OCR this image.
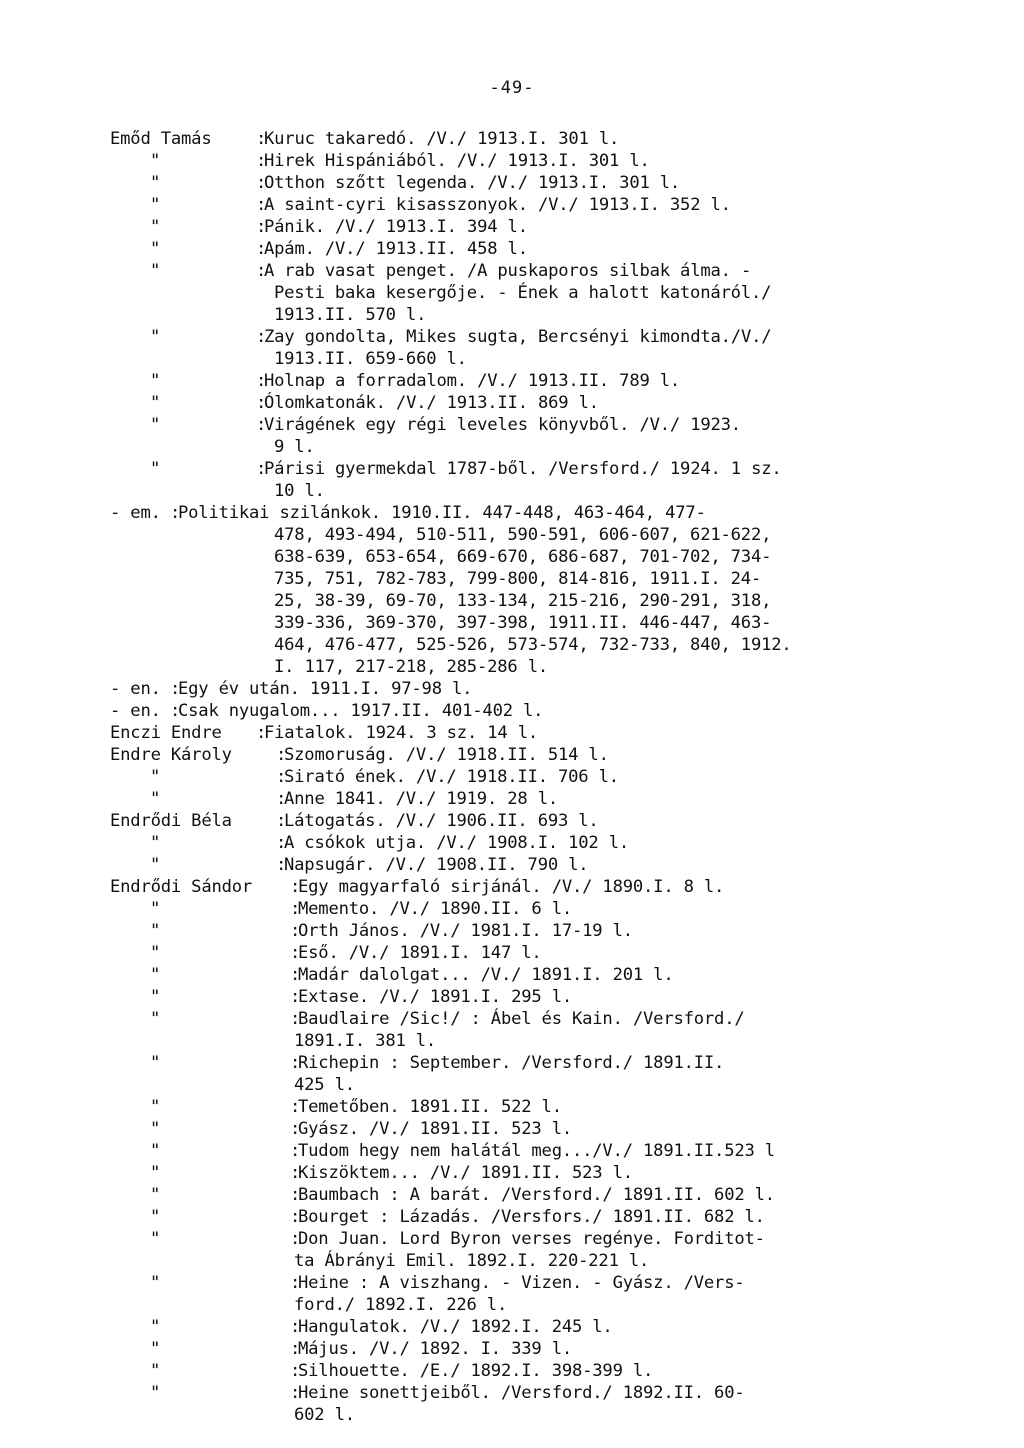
-49-
Emőd Tamás	:Kuruc takaredó. /V./ 1913.I. 301 l.
"	:Hirek Hispániából. /V./ 1913.I. 301 l.
"	:Otthon szőtt legenda. /V./ 1913.I. 301 l.
"	:A saint-cyri kisasszonyok. /V./ 1913.I. 352 l.
"	:Pánik. /V./ 1913.I. 394 l.
"	:Apám. /V./ 1913.II. 458 l.
"	:A rab vasat penget. /A puskaporos silbak álma. -
Pesti baka kesergője. - Ének a halott katonáról./
1913.II. 570 l.
"	:Zay gondolta, Mikes sugta, Bercsényi kimondta./V./
1913.II. 659-660 l.
"	:Holnap a forradalom. /V./ 1913.II. 789 l.
"	:Ólomkatonák. /V./ 1913.II. 869 l.
"	:Virágének egy régi leveles könyvből. /V./ 1923.
9 l.
"	:Párisi gyermekdal 1787-ből. /Versford./ 1924. 1 sz.
10 l.
- em. :Politikai szilánkok. 1910.II. 447-448, 463-464, 477-
478, 493-494, 510-511, 590-591, 606-607, 621-622,
638-639, 653-654, 669-670, 686-687, 701-702, 734-
735, 751, 782-783, 799-800, 814-816, 1911.I. 24-
25, 38-39, 69-70, 133-134, 215-216, 290-291, 318,
339-336, 369-370, 397-398, 1911.II. 446-447, 463-
464, 476-477, 525-526, 573-574, 732-733, 840, 1912.
I. 117, 217-218, 285-286 l.
- en. :Egy év után. 1911.I. 97-98 l.
- en. :Csak nyugalom... 1917.II. 401-402 l.
Enczi Endre :Fiatalok. 1924. 3 sz. 14 l.
Endre Károly	:Szomoruság. /V./ 1918.II. 514 l.
"	:Sirató ének. /V./ 1918.II. 706 l.
"	:Anne 1841. /V./ 1919. 28 l.
Endrődi Béla	:Látogatás. /V./ 1906.II. 693 l.
"	:A csókok utja. /V./ 1908.I. 102 l.
"	:Napsugár. /V./ 1908.II. 790 l.
Endrődi Sándor :Egy magyarfaló sirjánál. /V./ 1890.I. 8 l.
"	:Memento. /V./ 1890.II. 6 l.
"	:Orth János. /V./ 1981.I. 17-19 l.
"	:Eső. /V./ 1891.I. 147 l.
"	:Madár dalolgat... /V./ 1891.I. 201 l.
"	:Extase. /V./ 1891.I. 295 l.
"	:Baudlaire /Sic!/ : Ábel és Kain. /Versford./
1891.I. 381 l.
"	:Richepin : September. /Versford./ 1891.II.
425 l.
"	:Temetőben. 1891.II. 522 l.
"	:Gyász. /V./ 1891.II. 523 l.
"	:Tudom hegy nem halátál meg.../V./ 1891.II.523 l
"	:Kiszöktem... /V./ 1891.II. 523 l.
"	:Baumbach : A barát. /Versford./ 1891.II. 602 l.
"	:Bourget : Lázadás. /Versfors./ 1891.II. 682 l.
"	:Don Juan. Lord Byron verses regénye. Forditot-
ta Ábrányi Emil. 1892.I. 220-221 l.
"	:Heine : A viszhang. - Vizen. - Gyász. /Vers-
ford./ 1892.I. 226 l.
"	:Hangulatok. /V./ 1892.I. 245 l.
"	:Május. /V./ 1892. I. 339 l.
"	:Silhouette. /E./ 1892.I. 398-399 l.
"	:Heine sonettjeiből. /Versford./ 1892.II. 60-
602 l.
